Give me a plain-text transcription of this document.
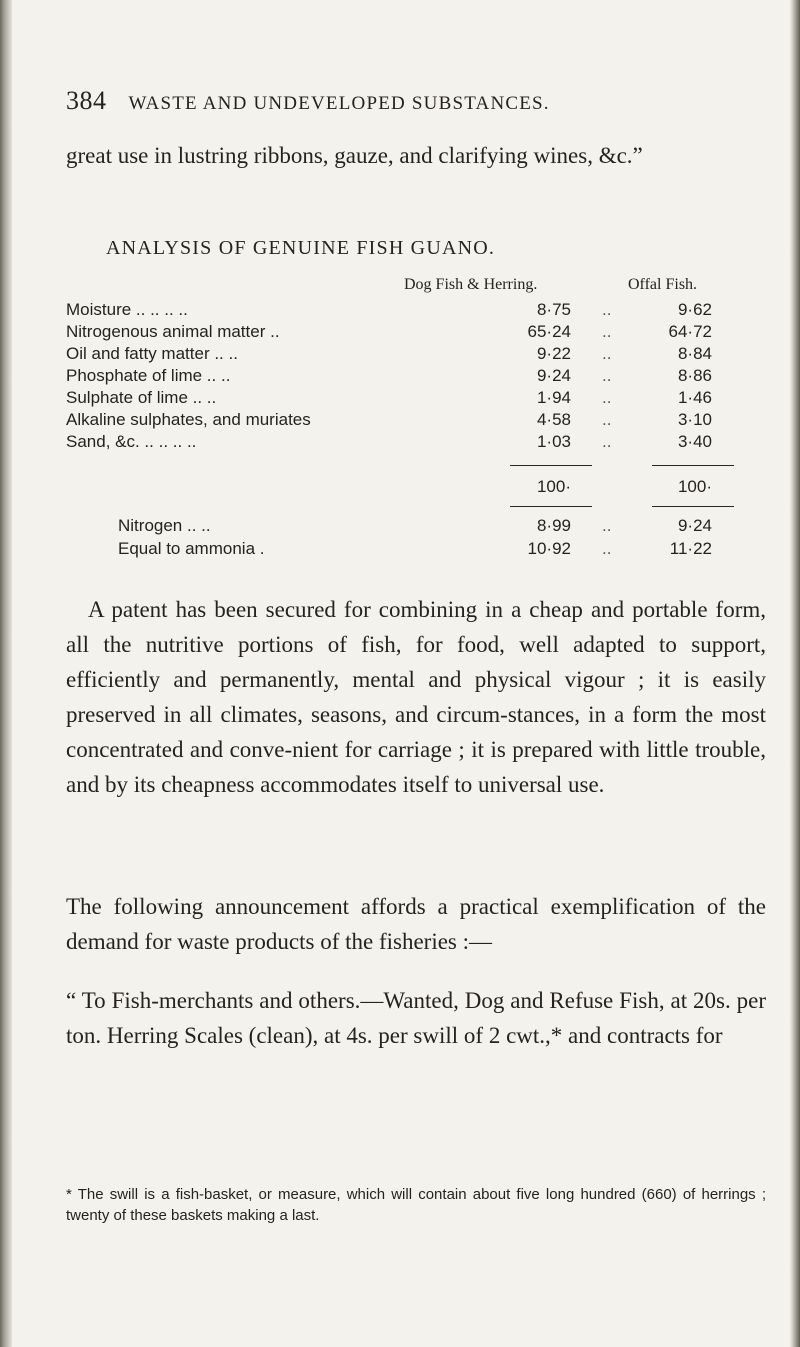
384 WASTE AND UNDEVELOPED SUBSTANCES.
great use in lustring ribbons, gauze, and clarifying wines, &c.”
ANALYSIS OF GENUINE FISH GUANO.
Dog Fish & Herring.	Offal Fish.
Moisture .. .. .. ..	8·75 ..	9·62
Nitrogenous animal matter ..	65·24 ..	64·72
Oil and fatty matter .. ..	9·22 ..	8·84
Phosphate of lime .. ..	9·24 ..	8·86
Sulphate of lime .. ..	1·94 ..	1·46
Alkaline sulphates, and muriates	4·58 ..	3·10
Sand, &c. .. .. .. ..	1·03 ..	3·40
100·	100·
Nitrogen .. ..	8·99 ..	9·24
Equal to ammonia .	10·92 ..	11·22
A patent has been secured for combining in a cheap and portable form, all the nutritive portions of fish, for food, well adapted to support, efficiently and permanently, mental and physical vigour ; it is easily preserved in all climates, seasons, and circum-stances, in a form the most concentrated and conve-nient for carriage ; it is prepared with little trouble, and by its cheapness accommodates itself to universal use.
The following announcement affords a practical exemplification of the demand for waste products of the fisheries :—
“ To Fish-merchants and others.—Wanted, Dog and Refuse Fish, at 20s. per ton. Herring Scales (clean), at 4s. per swill of 2 cwt.,* and contracts for
* The swill is a fish-basket, or measure, which will contain about five long hundred (660) of herrings ; twenty of these baskets making a last.
